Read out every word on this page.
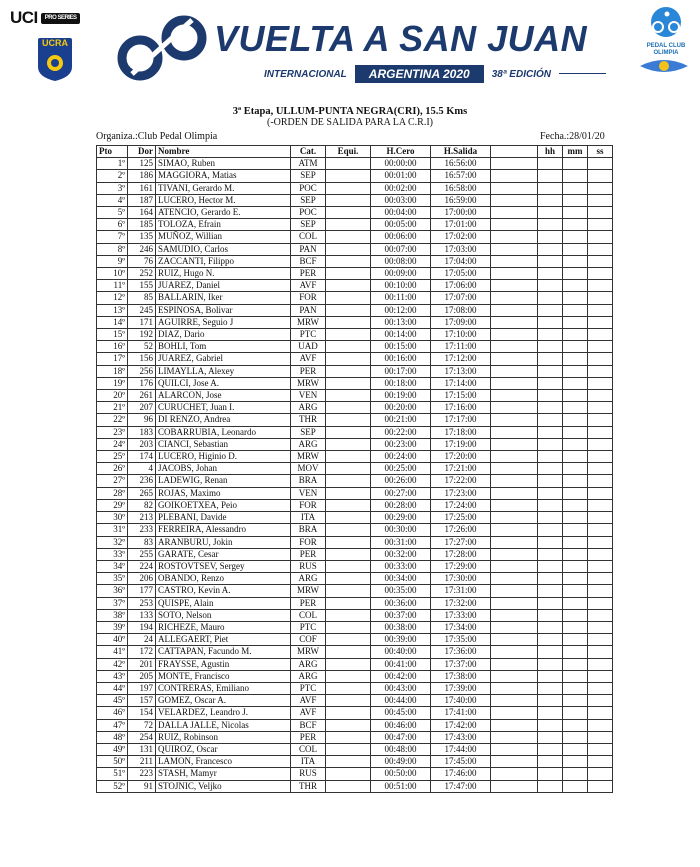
UCI PRO SERIES
UCRA	VUELTA A SAN JUAN
INTERNACIONAL	ARGENTINA 2020	38ª EDICIÓN
PEDAL CLUB OLIMPIA
3ª Etapa, ULLUM-PUNTA NEGRA(CRI), 15.5 Kms
(-ORDEN DE SALIDA PARA LA C.R.I)
Organiza.:Club Pedal Olimpia	Fecha.:28/01/20
Pto	Dor	Nombre	Cat.	Equi.	H.Cero	H.Salida		hh	mm	ss
1º	125	SIMAO, Ruben	ATM		00:00:00	16:56:00				
2º	186	MAGGIORA, Matias	SEP		00:01:00	16:57:00				
3º	161	TIVANI, Gerardo M.	POC		00:02:00	16:58:00				
4º	187	LUCERO, Hector M.	SEP		00:03:00	16:59:00				
5º	164	ATENCIO, Gerardo E.	POC		00:04:00	17:00:00				
6º	185	TOLOZA, Efrain	SEP		00:05:00	17:01:00				
7º	135	MUÑOZ, Willian	COL		00:06:00	17:02:00				
8º	246	SAMUDIO, Carlos	PAN		00:07:00	17:03:00				
9º	76	ZACCANTI, Filippo	BCF		00:08:00	17:04:00				
10º	252	RUIZ, Hugo N.	PER		00:09:00	17:05:00				
11º	155	JUAREZ, Daniel	AVF		00:10:00	17:06:00				
12º	85	BALLARIN, Iker	FOR		00:11:00	17:07:00				
13º	245	ESPINOSA, Bolivar	PAN		00:12:00	17:08:00				
14º	171	AGUIRRE, Seguio J	MRW		00:13:00	17:09:00				
15º	192	DIAZ, Dario	PTC		00:14:00	17:10:00				
16º	52	BOHLI, Tom	UAD		00:15:00	17:11:00				
17º	156	JUAREZ, Gabriel	AVF		00:16:00	17:12:00				
18º	256	LIMAYLLA, Alexey	PER		00:17:00	17:13:00				
19º	176	QUILCI, Jose A.	MRW		00:18:00	17:14:00				
20º	261	ALARCON, Jose	VEN		00:19:00	17:15:00				
21º	207	CURUCHET, Juan I.	ARG		00:20:00	17:16:00				
22º	96	DI RENZO, Andrea	THR		00:21:00	17:17:00				
23º	183	COBARRUBIA, Leonardo	SEP		00:22:00	17:18:00				
24º	203	CIANCI, Sebastian	ARG		00:23:00	17:19:00				
25º	174	LUCERO, Higinio D.	MRW		00:24:00	17:20:00				
26º	4	JACOBS, Johan	MOV		00:25:00	17:21:00				
27º	236	LADEWIG, Renan	BRA		00:26:00	17:22:00				
28º	265	ROJAS, Maximo	VEN		00:27:00	17:23:00				
29º	82	GOIKOETXEA, Peio	FOR		00:28:00	17:24:00				
30º	213	PLEBANI, Davide	ITA		00:29:00	17:25:00				
31º	233	FERREIRA, Alessandro	BRA		00:30:00	17:26:00				
32º	83	ARANBURU, Jokin	FOR		00:31:00	17:27:00				
33º	255	GARATE, Cesar	PER		00:32:00	17:28:00				
34º	224	ROSTOVTSEV, Sergey	RUS		00:33:00	17:29:00				
35º	206	OBANDO, Renzo	ARG		00:34:00	17:30:00				
36º	177	CASTRO, Kevin A.	MRW		00:35:00	17:31:00				
37º	253	QUISPE, Alain	PER		00:36:00	17:32:00				
38º	133	SOTO, Nelson	COL		00:37:00	17:33:00				
39º	194	RICHEZE, Mauro	PTC		00:38:00	17:34:00				
40º	24	ALLEGAERT, Piet	COF		00:39:00	17:35:00				
41º	172	CATTAPAN, Facundo M.	MRW		00:40:00	17:36:00				
42º	201	FRAYSSE, Agustin	ARG		00:41:00	17:37:00				
43º	205	MONTE, Francisco	ARG		00:42:00	17:38:00				
44º	197	CONTRERAS, Emiliano	PTC		00:43:00	17:39:00				
45º	157	GOMEZ, Oscar A.	AVF		00:44:00	17:40:00				
46º	154	VELARDEZ, Leandro J.	AVF		00:45:00	17:41:00				
47º	72	DALLA JALLE, Nicolas	BCF		00:46:00	17:42:00				
48º	254	RUIZ, Robinson	PER		00:47:00	17:43:00				
49º	131	QUIROZ, Oscar	COL		00:48:00	17:44:00				
50º	211	LAMON, Francesco	ITA		00:49:00	17:45:00				
51º	223	STASH, Mamyr	RUS		00:50:00	17:46:00				
52º	91	STOJNIC, Veljko	THR		00:51:00	17:47:00				
